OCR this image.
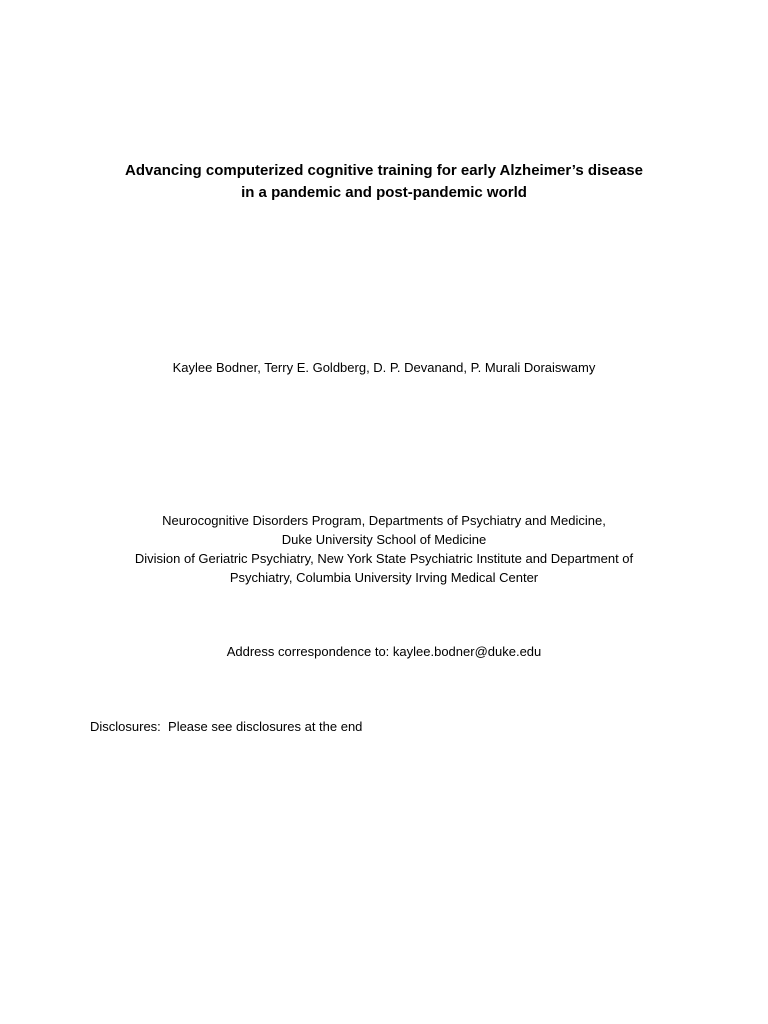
Advancing computerized cognitive training for early Alzheimer’s disease
in a pandemic and post-pandemic world
Kaylee Bodner, Terry E. Goldberg, D. P. Devanand, P. Murali Doraiswamy
Neurocognitive Disorders Program, Departments of Psychiatry and Medicine,
Duke University School of Medicine
Division of Geriatric Psychiatry, New York State Psychiatric Institute and Department of
Psychiatry, Columbia University Irving Medical Center
Address correspondence to: kaylee.bodner@duke.edu
Disclosures:  Please see disclosures at the end
